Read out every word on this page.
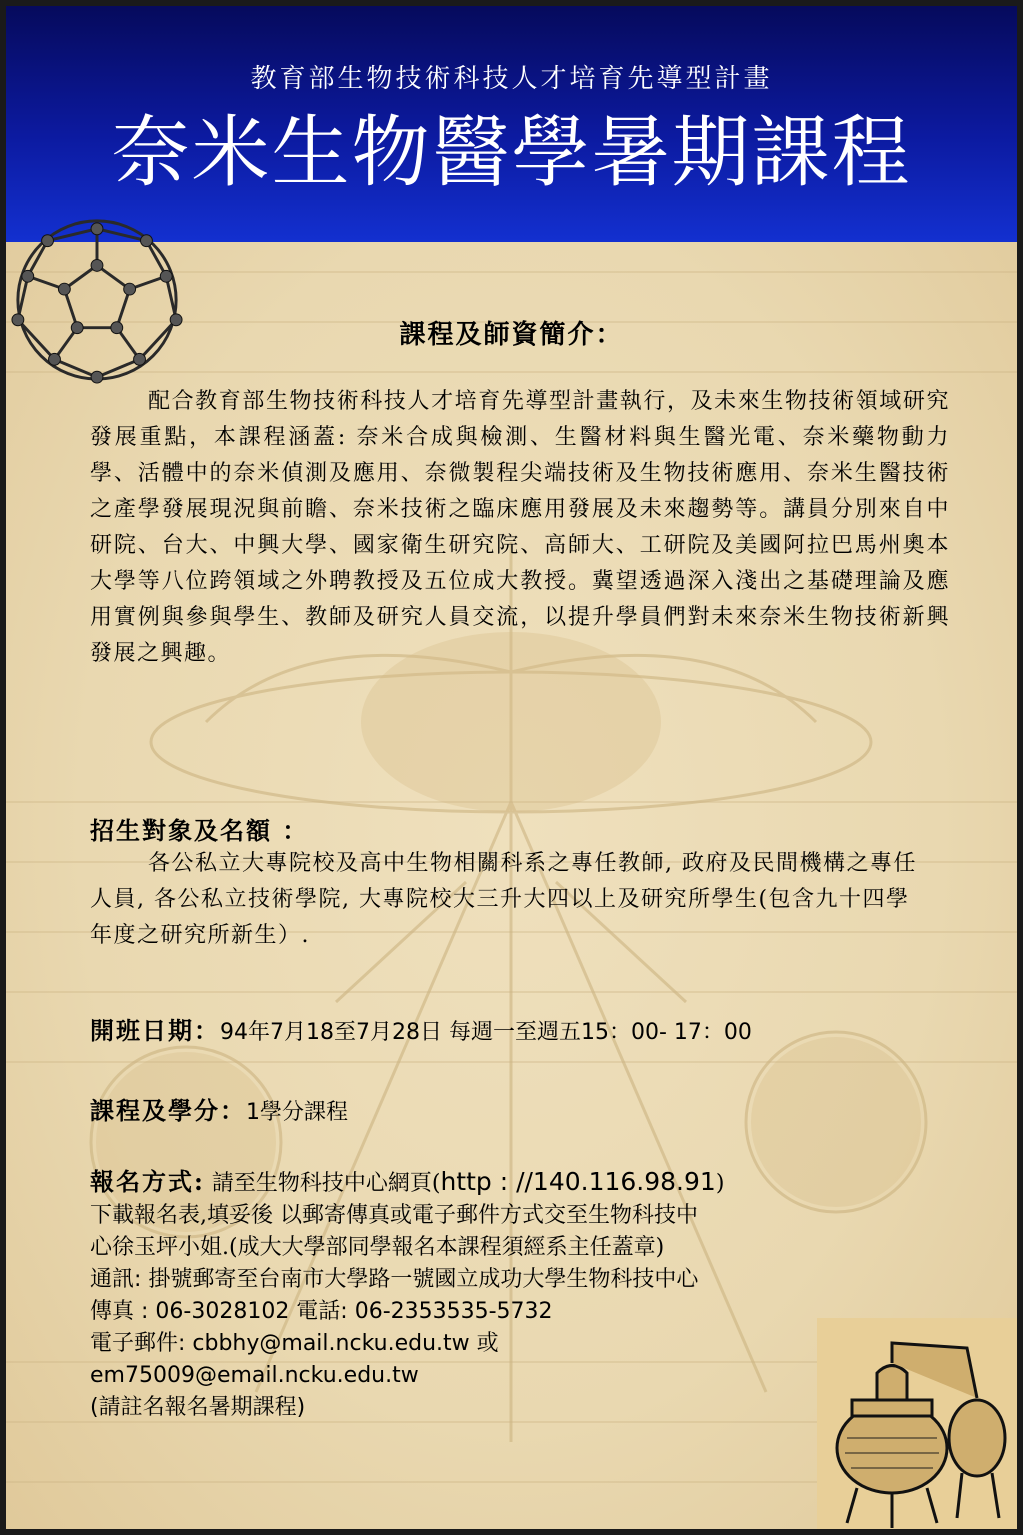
教育部生物技術科技人才培育先導型計畫
奈米生物醫學暑期課程
課程及師資簡介：
配合教育部生物技術科技人才培育先導型計畫執行，及未來生物技術領域研究發展重點，本課程涵蓋: 奈米合成與檢測、生醫材料與生醫光電、奈米藥物動力學、活體中的奈米偵測及應用、奈微製程尖端技術及生物技術應用、奈米生醫技術之產學發展現況與前瞻、奈米技術之臨床應用發展及未來趨勢等。講員分別來自中研院、台大、中興大學、國家衛生研究院、高師大、工研院及美國阿拉巴馬州奧本大學等八位跨領域之外聘教授及五位成大教授。冀望透過深入淺出之基礎理論及應用實例與參與學生、教師及研究人員交流，以提升學員們對未來奈米生物技術新興發展之興趣。
招生對象及名額 ：
各公私立大專院校及高中生物相關科系之專任教師, 政府及民間機構之專任人員, 各公私立技術學院, 大專院校大三升大四以上及研究所學生(包含九十四學年度之研究所新生）.
開班日期：94年7月18至7月28日 每週一至週五15：00- 17：00
課程及學分：1學分課程
報名方式: 請至生物科技中心網頁(http : //140.116.98.91)
下載報名表,填妥後 以郵寄傳真或電子郵件方式交至生物科技中
心徐玉坪小姐.(成大大學部同學報名本課程須經系主任蓋章)
通訊: 掛號郵寄至台南市大學路一號國立成功大學生物科技中心
傳真 : 06-3028102 電話: 06-2353535-5732
電子郵件: cbbhy@mail.ncku.edu.tw 或
em75009@email.ncku.edu.tw
(請註名報名暑期課程)
